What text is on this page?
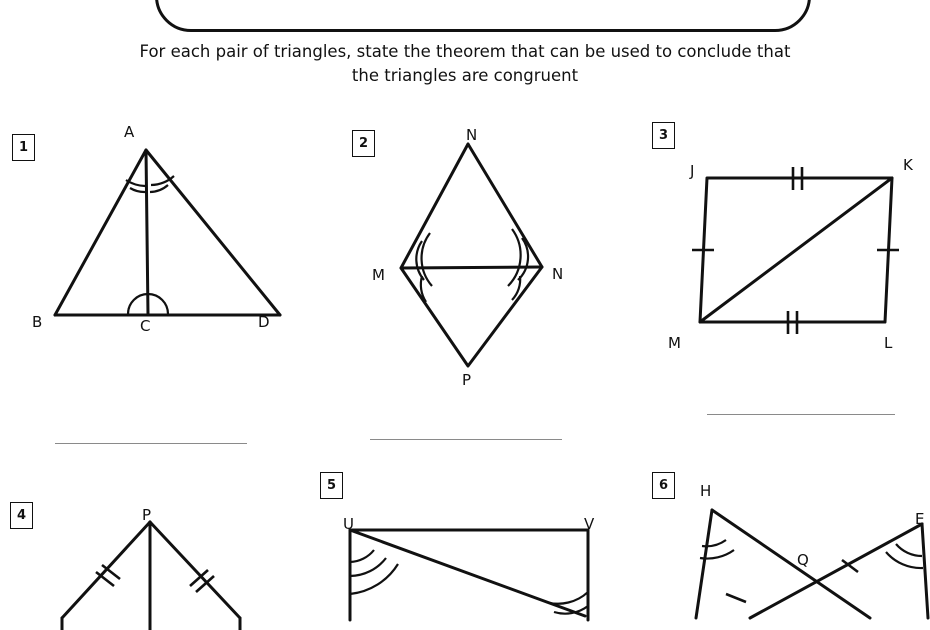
For each pair of triangles, state the theorem that can be used to conclude that
the triangles are congruent
1
A
B	C	D
2	N
M	N
P
3
J	K
M	L
4	P
5
U	V
6	H
E
Q
